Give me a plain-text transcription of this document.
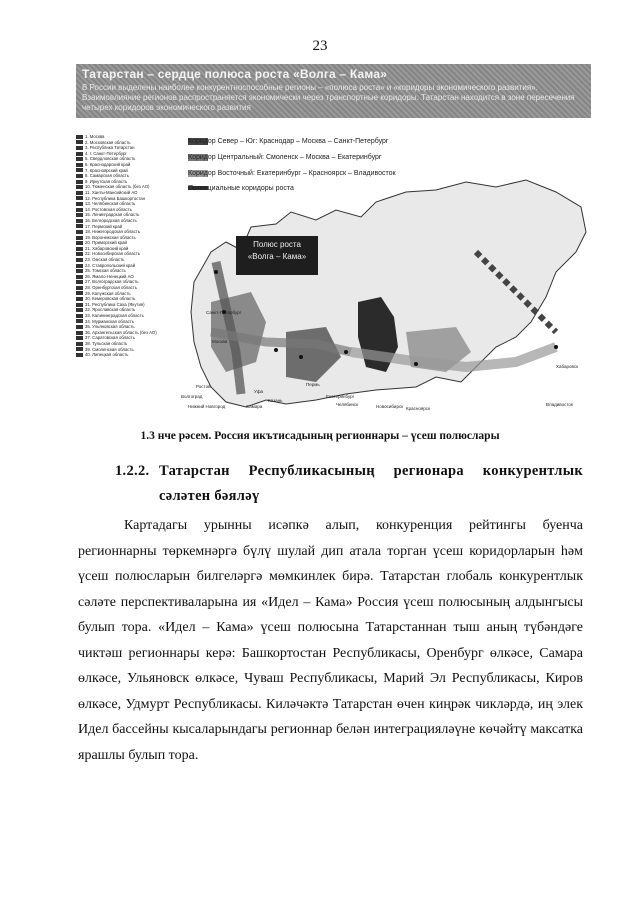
23
Татарстан – сердце полюса роста «Волга – Кама»
В России выделены наиболее конкурентноспособные регионы – «полюса роста» и «коридоры экономического развития». Взаимовлияние регионов распространяется экономически через транспортные коридоры. Татарстан находится в зоне пересечения четырех коридоров экономического развития
1. Москва
2. Московская область
3. Республика Татарстан
4. г. Санкт-Петербург
5. Свердловская область
6. Краснодарский край
7. Красноярский край
8. Самарская область
9. Иркутская область
10. Тюменская область (без АО)
11. Ханты-Мансийский АО
12. Республика Башкортостан
13. Челябинская область
14. Ростовская область
15. Ленинградская область
16. Белгородская область
17. Пермский край
18. Нижегородская область
19. Воронежская область
20. Приморский край
21. Хабаровский край
22. Новосибирская область
23. Омская область
24. Ставропольский край
25. Томская область
26. Ямало-Ненецкий АО
27. Волгоградская область
28. Оренбургская область
29. Калужская область
30. Кемеровская область
31. Республика Саха (Якутия)
32. Ярославская область
33. Калининградская область
34. Мурманская область
35. Ульяновская область
36. Архангельская область (без АО)
37. Саратовская область
38. Тульская область
39. Смоленская область
40. Липецкая область
Коридор Север – Юг: Краснодар – Москва – Санкт-Петербург
Коридор Центральный: Смоленск – Москва – Екатеринбург
Коридор Восточный: Екатеринбург – Красноярск – Владивосток
Потенциальные коридоры роста
Полюс роста
«Волга – Кама»
Санкт-Петербург
Москва
Нижний Новгород	Самара
Казань
Уфа
Пермь
Екатеринбург
Новосибирск Красноярск
Хабаровск
Владивосток
Челябинск
Волгоград
Ростов
1.3 нче рәсем. Россия икътисадының регионнары – үсеш полюслары
1.2.2. Татарстан Республикасының регионара конкурентлык сәләтен бәяләү
Картадагы урынны исәпкә алып, конкуренция рейтингы буенча регионнарны төркемнәргә бүлү шулай дип атала торган үсеш коридорларын һәм үсеш полюсларын билгеләргә мөмкинлек бирә. Татарстан глобаль конкурентлык сәләте перспективаларына ия «Идел – Кама» Россия үсеш полюсының алдынгысы булып тора. «Идел – Кама» үсеш полюсына Татарстаннан тыш аның түбәндәге чиктәш регионнары керә: Башкортостан Республикасы, Оренбург өлкәсе, Самара өлкәсе, Ульяновск өлкәсе, Чуваш Республикасы, Марий Эл Республикасы, Киров өлкәсе, Удмурт Республикасы. Киләчәктә Татарстан өчен киңрәк чикләрдә, иң элек Идел бассейны кысаларындагы регионнар белән интеграцияләүне көчәйтү максатка ярашлы булып тора.
